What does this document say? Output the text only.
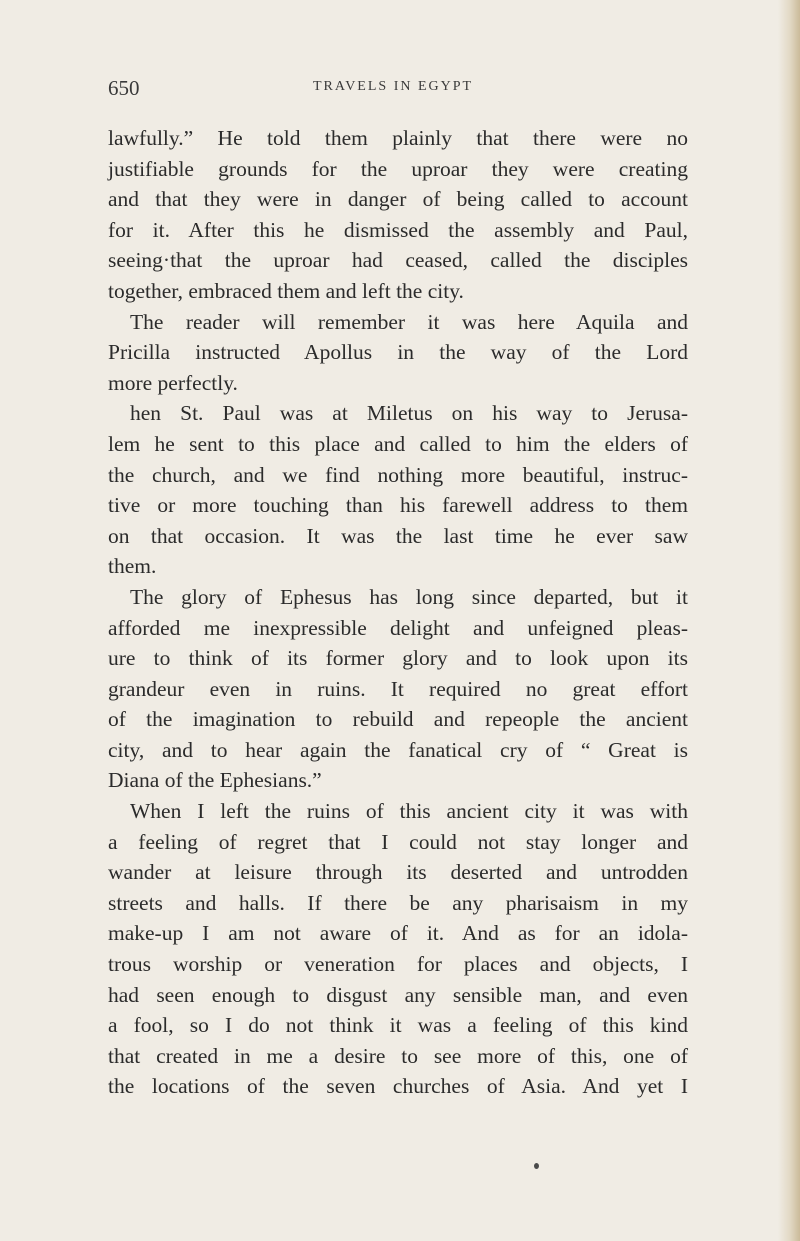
650	TRAVELS IN EGYPT
lawfully.” He told them plainly that there were no
justifiable grounds for the uproar they were creating
and that they were in danger of being called to account
for it. After this he dismissed the assembly and Paul,
seeing·that the uproar had ceased, called the disciples
together, embraced them and left the city.
The reader will remember it was here Aquila and
Pricilla instructed Apollus in the way of the Lord
more perfectly.
hen St. Paul was at Miletus on his way to Jerusa-
lem he sent to this place and called to him the elders of
the church, and we find nothing more beautiful, instruc-
tive or more touching than his farewell address to them
on that occasion. It was the last time he ever saw
them.
The glory of Ephesus has long since departed, but it
afforded me inexpressible delight and unfeigned pleas-
ure to think of its former glory and to look upon its
grandeur even in ruins. It required no great effort
of the imagination to rebuild and repeople the ancient
city, and to hear again the fanatical cry of “ Great is
Diana of the Ephesians.”
When I left the ruins of this ancient city it was with
a feeling of regret that I could not stay longer and
wander at leisure through its deserted and untrodden
streets and halls. If there be any pharisaism in my
make-up I am not aware of it. And as for an idola-
trous worship or veneration for places and objects, I
had seen enough to disgust any sensible man, and even
a fool, so I do not think it was a feeling of this kind
that created in me a desire to see more of this, one of
the locations of the seven churches of Asia. And yet I
